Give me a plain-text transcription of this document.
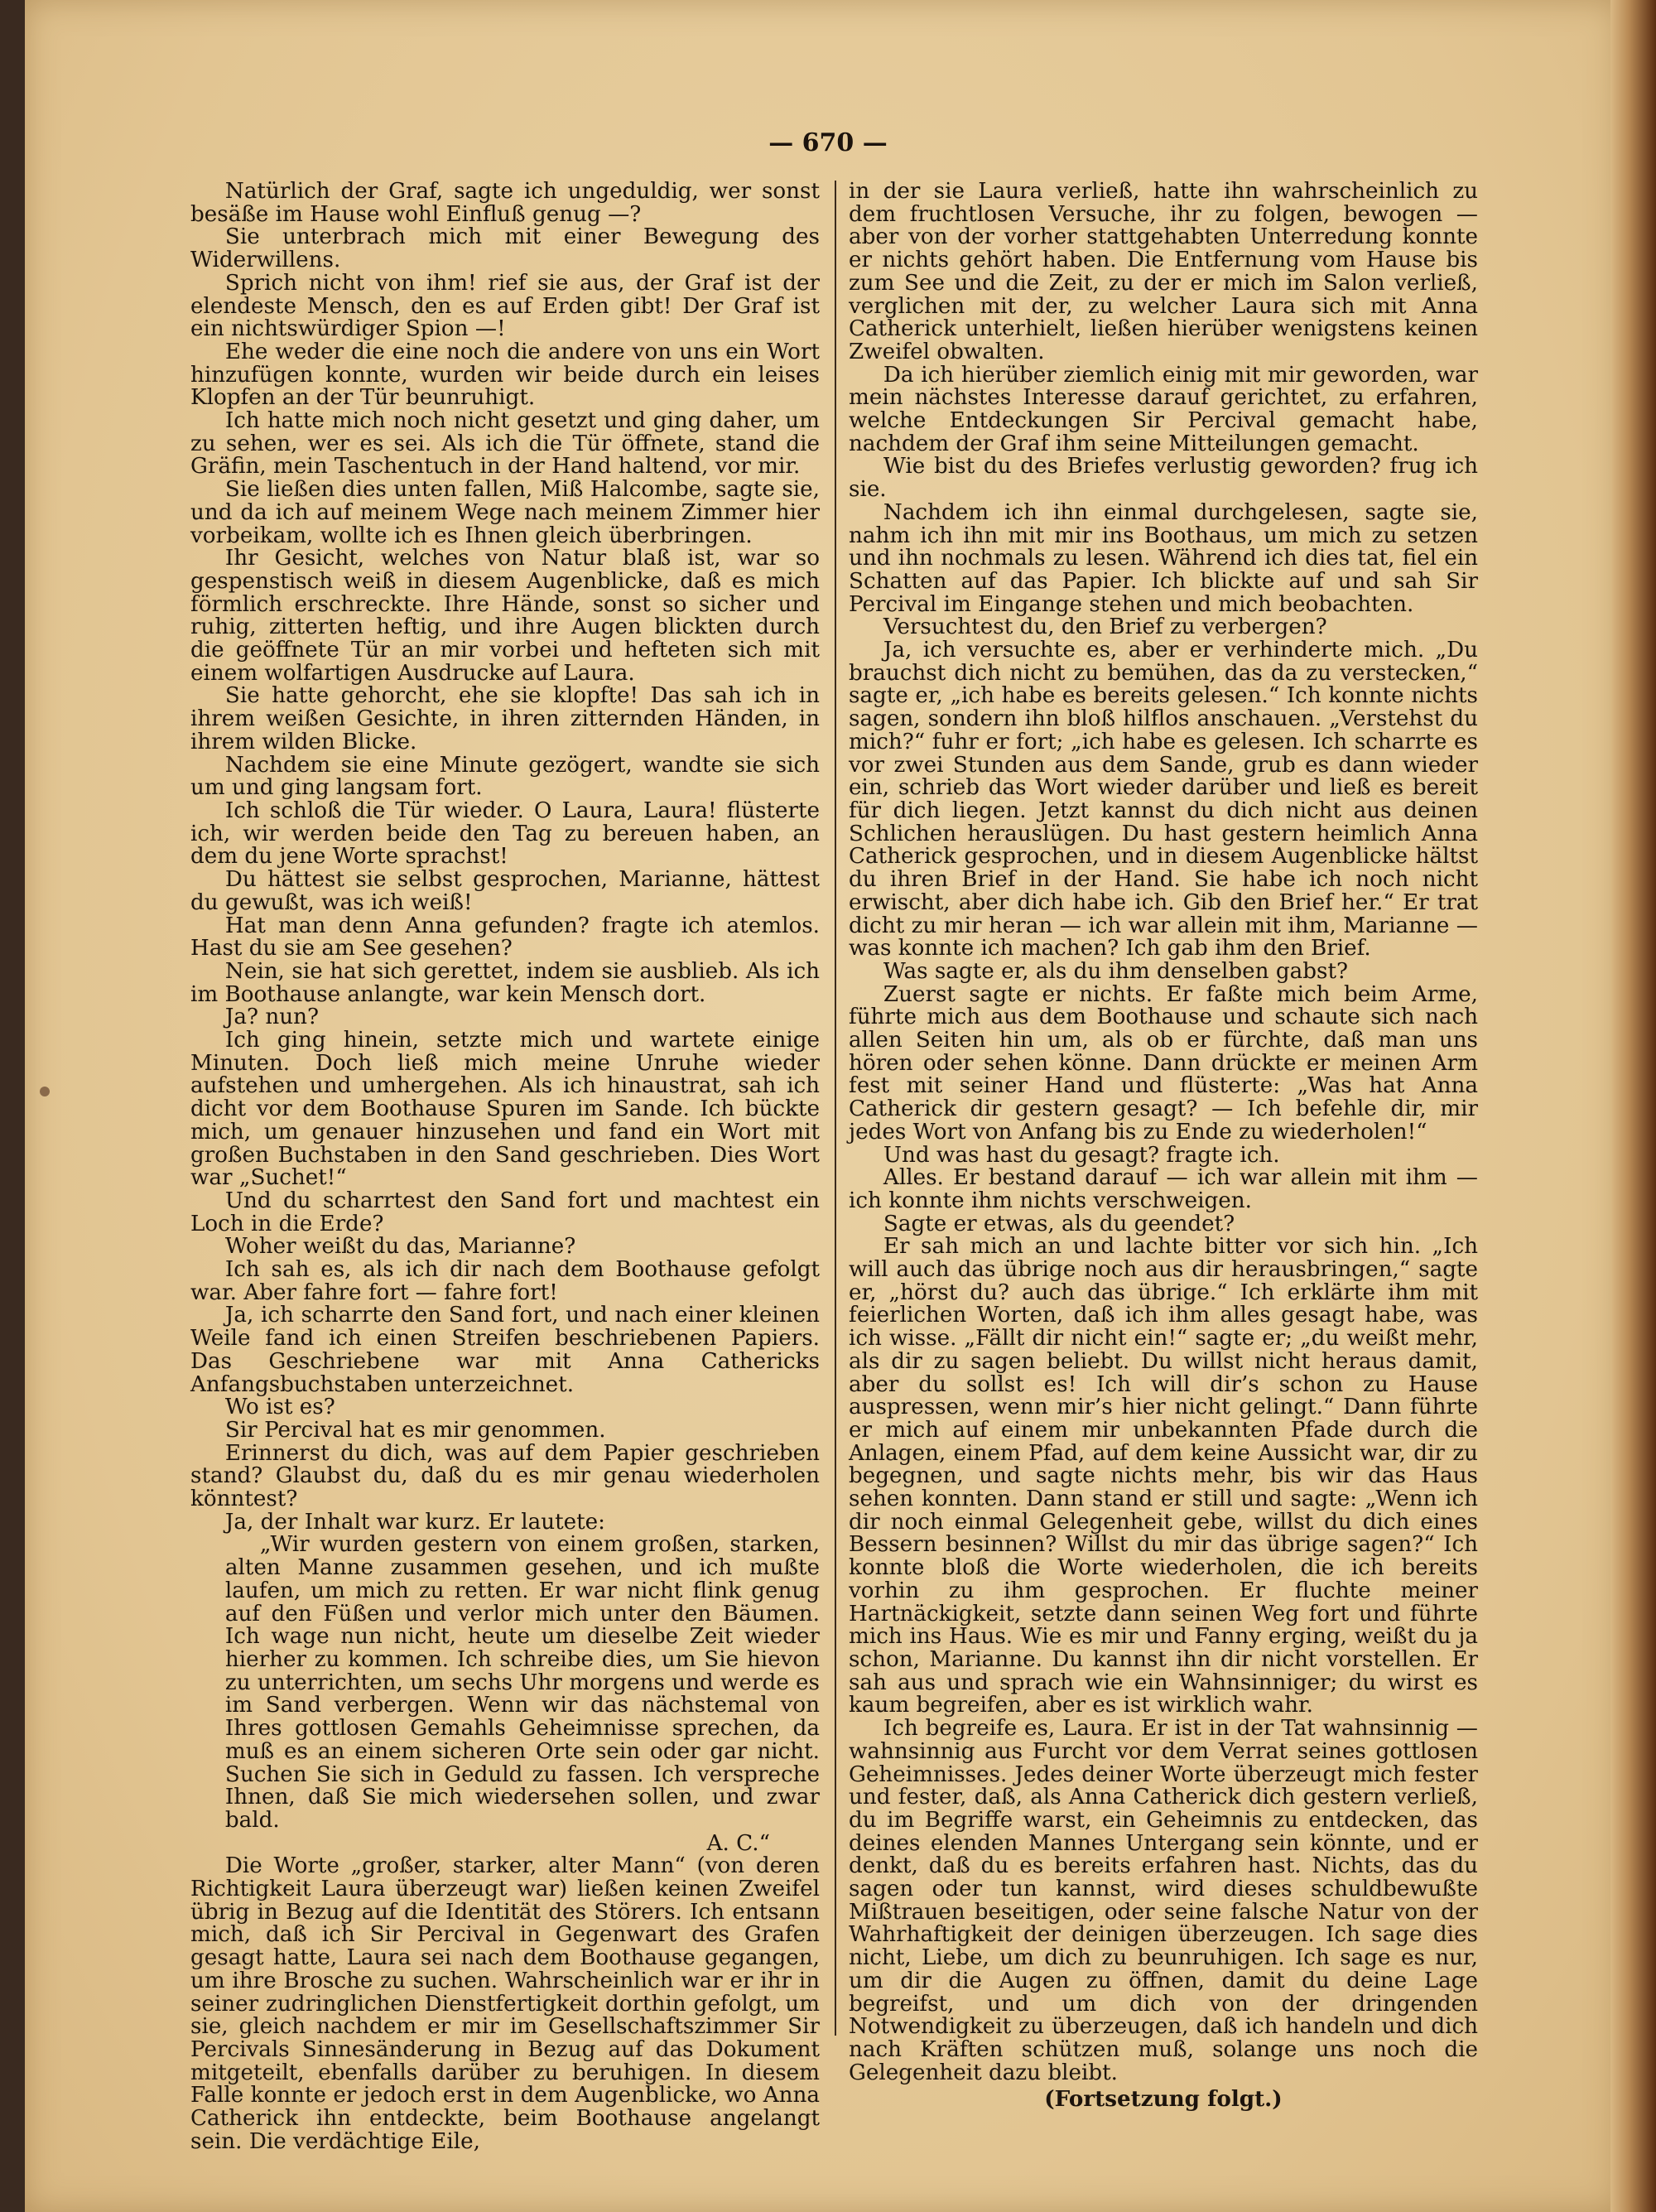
— 670 —

Natürlich der Graf, sagte ich ungeduldig, wer sonst besäße im Hause wohl Einfluß genug —?

Sie unterbrach mich mit einer Bewegung des Widerwillens.

Sprich nicht von ihm! rief sie aus, der Graf ist der elendeste Mensch, den es auf Erden gibt! Der Graf ist ein nichtswürdiger Spion —!

Ehe weder die eine noch die andere von uns ein Wort hinzufügen konnte, wurden wir beide durch ein leises Klopfen an der Tür beunruhigt.

Ich hatte mich noch nicht gesetzt und ging daher, um zu sehen, wer es sei. Als ich die Tür öffnete, stand die Gräfin, mein Taschentuch in der Hand haltend, vor mir.

Sie ließen dies unten fallen, Miß Halcombe, sagte sie, und da ich auf meinem Wege nach meinem Zimmer hier vorbeikam, wollte ich es Ihnen gleich überbringen.

Ihr Gesicht, welches von Natur blaß ist, war so gespenstisch weiß in diesem Augenblicke, daß es mich förmlich erschreckte. Ihre Hände, sonst so sicher und ruhig, zitterten heftig, und ihre Augen blickten durch die geöffnete Tür an mir vorbei und hefteten sich mit einem wolfartigen Ausdrucke auf Laura.

Sie hatte gehorcht, ehe sie klopfte! Das sah ich in ihrem weißen Gesichte, in ihren zitternden Händen, in ihrem wilden Blicke.

Nachdem sie eine Minute gezögert, wandte sie sich um und ging langsam fort.

Ich schloß die Tür wieder. O Laura, Laura! flüsterte ich, wir werden beide den Tag zu bereuen haben, an dem du jene Worte sprachst!

Du hättest sie selbst gesprochen, Marianne, hättest du gewußt, was ich weiß!

Hat man denn Anna gefunden? fragte ich atemlos. Hast du sie am See gesehen?

Nein, sie hat sich gerettet, indem sie ausblieb. Als ich im Boothause anlangte, war kein Mensch dort.

Ja? nun?

Ich ging hinein, setzte mich und wartete einige Minuten. Doch ließ mich meine Unruhe wieder aufstehen und umhergehen. Als ich hinaustrat, sah ich dicht vor dem Boothause Spuren im Sande. Ich bückte mich, um genauer hinzusehen und fand ein Wort mit großen Buchstaben in den Sand geschrieben. Dies Wort war „Suchet!“

Und du scharrtest den Sand fort und machtest ein Loch in die Erde?

Woher weißt du das, Marianne?

Ich sah es, als ich dir nach dem Boothause gefolgt war. Aber fahre fort — fahre fort!

Ja, ich scharrte den Sand fort, und nach einer kleinen Weile fand ich einen Streifen beschriebenen Papiers. Das Geschriebene war mit Anna Cathericks Anfangsbuchstaben unterzeichnet.

Wo ist es?

Sir Percival hat es mir genommen.

Erinnerst du dich, was auf dem Papier geschrieben stand? Glaubst du, daß du es mir genau wiederholen könntest?

Ja, der Inhalt war kurz. Er lautete:

„Wir wurden gestern von einem großen, starken, alten Manne zusammen gesehen, und ich mußte laufen, um mich zu retten. Er war nicht flink genug auf den Füßen und verlor mich unter den Bäumen. Ich wage nun nicht, heute um dieselbe Zeit wieder hierher zu kommen. Ich schreibe dies, um Sie hievon zu unterrichten, um sechs Uhr morgens und werde es im Sand verbergen. Wenn wir das nächstemal von Ihres gottlosen Gemahls Geheimnisse sprechen, da muß es an einem sicheren Orte sein oder gar nicht. Suchen Sie sich in Geduld zu fassen. Ich verspreche Ihnen, daß Sie mich wiedersehen sollen, und zwar bald.

A. C.“

Die Worte „großer, starker, alter Mann“ (von deren Richtigkeit Laura überzeugt war) ließen keinen Zweifel übrig in Bezug auf die Identität des Störers. Ich entsann mich, daß ich Sir Percival in Gegenwart des Grafen gesagt hatte, Laura sei nach dem Boothause gegangen, um ihre Brosche zu suchen. Wahrscheinlich war er ihr in seiner zudringlichen Dienstfertigkeit dorthin gefolgt, um sie, gleich nachdem er mir im Gesellschaftszimmer Sir Percivals Sinnesänderung in Bezug auf das Dokument mitgeteilt, ebenfalls darüber zu beruhigen. In diesem Falle konnte er jedoch erst in dem Augenblicke, wo Anna Catherick ihn entdeckte, beim Boothause angelangt sein. Die verdächtige Eile,

in der sie Laura verließ, hatte ihn wahrscheinlich zu dem fruchtlosen Versuche, ihr zu folgen, bewogen — aber von der vorher stattgehabten Unterredung konnte er nichts gehört haben. Die Entfernung vom Hause bis zum See und die Zeit, zu der er mich im Salon verließ, verglichen mit der, zu welcher Laura sich mit Anna Catherick unterhielt, ließen hierüber wenigstens keinen Zweifel obwalten.

Da ich hierüber ziemlich einig mit mir geworden, war mein nächstes Interesse darauf gerichtet, zu erfahren, welche Entdeckungen Sir Percival gemacht habe, nachdem der Graf ihm seine Mitteilungen gemacht.

Wie bist du des Briefes verlustig geworden? frug ich sie.

Nachdem ich ihn einmal durchgelesen, sagte sie, nahm ich ihn mit mir ins Boothaus, um mich zu setzen und ihn nochmals zu lesen. Während ich dies tat, fiel ein Schatten auf das Papier. Ich blickte auf und sah Sir Percival im Eingange stehen und mich beobachten.

Versuchtest du, den Brief zu verbergen?

Ja, ich versuchte es, aber er verhinderte mich. „Du brauchst dich nicht zu bemühen, das da zu verstecken,“ sagte er, „ich habe es bereits gelesen.“ Ich konnte nichts sagen, sondern ihn bloß hilflos anschauen. „Verstehst du mich?“ fuhr er fort; „ich habe es gelesen. Ich scharrte es vor zwei Stunden aus dem Sande, grub es dann wieder ein, schrieb das Wort wieder darüber und ließ es bereit für dich liegen. Jetzt kannst du dich nicht aus deinen Schlichen herauslügen. Du hast gestern heimlich Anna Catherick gesprochen, und in diesem Augenblicke hältst du ihren Brief in der Hand. Sie habe ich noch nicht erwischt, aber dich habe ich. Gib den Brief her.“ Er trat dicht zu mir heran — ich war allein mit ihm, Marianne — was konnte ich machen? Ich gab ihm den Brief.

Was sagte er, als du ihm denselben gabst?

Zuerst sagte er nichts. Er faßte mich beim Arme, führte mich aus dem Boothause und schaute sich nach allen Seiten hin um, als ob er fürchte, daß man uns hören oder sehen könne. Dann drückte er meinen Arm fest mit seiner Hand und flüsterte: „Was hat Anna Catherick dir gestern gesagt? — Ich befehle dir, mir jedes Wort von Anfang bis zu Ende zu wiederholen!“

Und was hast du gesagt? fragte ich.

Alles. Er bestand darauf — ich war allein mit ihm — ich konnte ihm nichts verschweigen.

Sagte er etwas, als du geendet?

Er sah mich an und lachte bitter vor sich hin. „Ich will auch das übrige noch aus dir herausbringen,“ sagte er, „hörst du? auch das übrige.“ Ich erklärte ihm mit feierlichen Worten, daß ich ihm alles gesagt habe, was ich wisse. „Fällt dir nicht ein!“ sagte er; „du weißt mehr, als dir zu sagen beliebt. Du willst nicht heraus damit, aber du sollst es! Ich will dir’s schon zu Hause auspressen, wenn mir’s hier nicht gelingt.“ Dann führte er mich auf einem mir unbekannten Pfade durch die Anlagen, einem Pfad, auf dem keine Aussicht war, dir zu begegnen, und sagte nichts mehr, bis wir das Haus sehen konnten. Dann stand er still und sagte: „Wenn ich dir noch einmal Gelegenheit gebe, willst du dich eines Bessern besinnen? Willst du mir das übrige sagen?“ Ich konnte bloß die Worte wiederholen, die ich bereits vorhin zu ihm gesprochen. Er fluchte meiner Hartnäckigkeit, setzte dann seinen Weg fort und führte mich ins Haus. Wie es mir und Fanny erging, weißt du ja schon, Marianne. Du kannst ihn dir nicht vorstellen. Er sah aus und sprach wie ein Wahnsinniger; du wirst es kaum begreifen, aber es ist wirklich wahr.

Ich begreife es, Laura. Er ist in der Tat wahnsinnig — wahnsinnig aus Furcht vor dem Verrat seines gottlosen Geheimnisses. Jedes deiner Worte überzeugt mich fester und fester, daß, als Anna Catherick dich gestern verließ, du im Begriffe warst, ein Geheimnis zu entdecken, das deines elenden Mannes Untergang sein könnte, und er denkt, daß du es bereits erfahren hast. Nichts, das du sagen oder tun kannst, wird dieses schuldbewußte Mißtrauen beseitigen, oder seine falsche Natur von der Wahrhaftigkeit der deinigen überzeugen. Ich sage dies nicht, Liebe, um dich zu beunruhigen. Ich sage es nur, um dir die Augen zu öffnen, damit du deine Lage begreifst, und um dich von der dringenden Notwendigkeit zu überzeugen, daß ich handeln und dich nach Kräften schützen muß, solange uns noch die Gelegenheit dazu bleibt.

(Fortsetzung folgt.)
